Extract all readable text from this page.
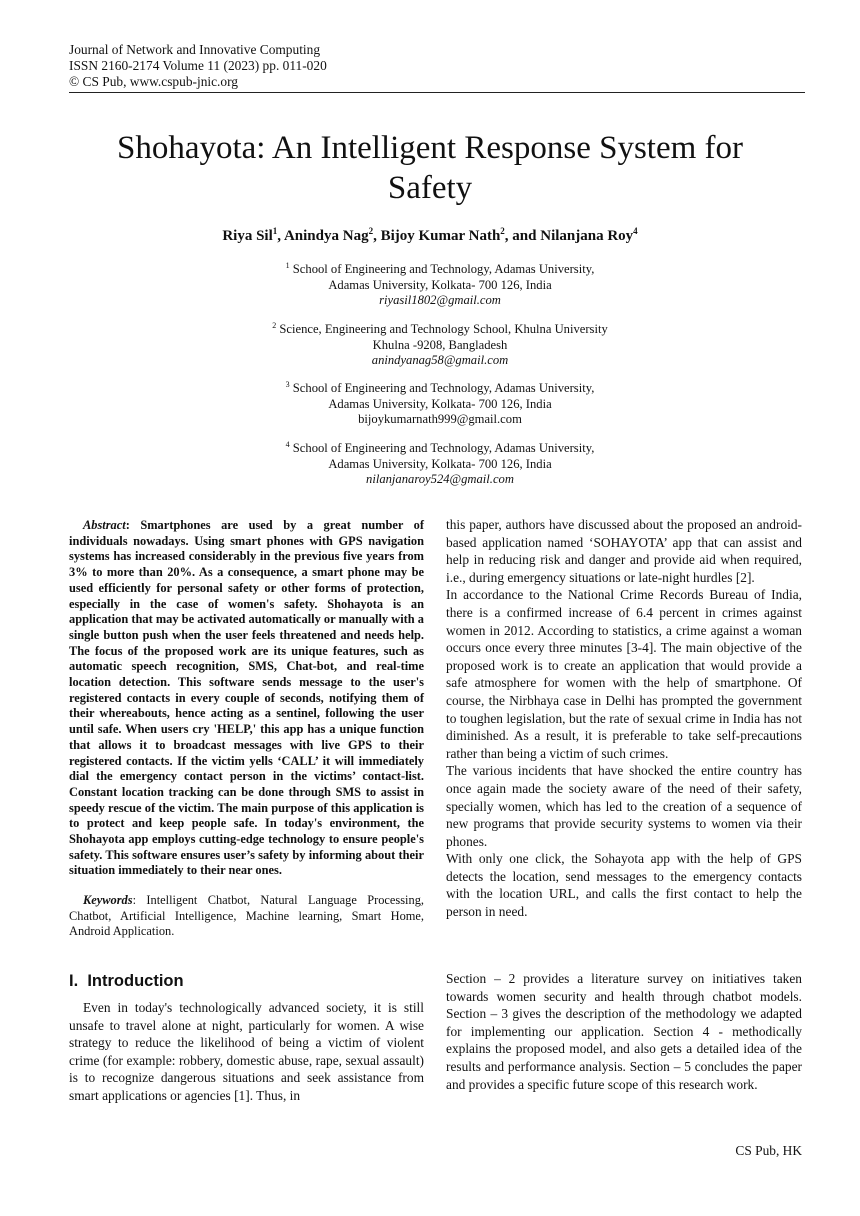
Journal of Network and Innovative Computing
ISSN 2160-2174 Volume 11 (2023) pp. 011-020
© CS Pub, www.cspub-jnic.org
Shohayota: An Intelligent Response System for Safety
Riya Sil$^1$, Anindya Nag$^2$, Bijoy Kumar Nath$^2$, and Nilanjana Roy$^4$
$^1$ School of Engineering and Technology, Adamas University,
Adamas University, Kolkata- 700 126, India
riyasil1802@gmail.com
$^2$ Science, Engineering and Technology School, Khulna University
Khulna -9208, Bangladesh
anindyanag58@gmail.com
$^3$ School of Engineering and Technology, Adamas University,
Adamas University, Kolkata- 700 126, India
bijoykumarnath999@gmail.com
$^4$ School of Engineering and Technology, Adamas University,
Adamas University, Kolkata- 700 126, India
nilanjanaroy524@gmail.com
Abstract: Smartphones are used by a great number of individuals nowadays. Using smart phones with GPS navigation systems has increased considerably in the previous five years from 3% to more than 20%. As a consequence, a smart phone may be used efficiently for personal safety or other forms of protection, especially in the case of women's safety. Shohayota is an application that may be activated automatically or manually with a single button push when the user feels threatened and needs help. The focus of the proposed work are its unique features, such as automatic speech recognition, SMS, Chat-bot, and real-time location detection. This software sends message to the user's registered contacts in every couple of seconds, notifying them of their whereabouts, hence acting as a sentinel, following the user until safe. When users cry 'HELP,' this app has a unique function that allows it to broadcast messages with live GPS to their registered contacts. If the victim yells ‘CALL’ it will immediately dial the emergency contact person in the victims’ contact-list. Constant location tracking can be done through SMS to assist in speedy rescue of the victim. The main purpose of this application is to protect and keep people safe. In today's environment, the Shohayota app employs cutting-edge technology to ensure people's safety. This software ensures user’s safety by informing about their situation immediately to their near ones.
Keywords: Intelligent Chatbot, Natural Language Processing, Chatbot, Artificial Intelligence, Machine learning, Smart Home, Android Application.
I. Introduction
Even in today's technologically advanced society, it is still unsafe to travel alone at night, particularly for women. A wise strategy to reduce the likelihood of being a victim of violent crime (for example: robbery, domestic abuse, rape, sexual assault) is to recognize dangerous situations and seek assistance from smart applications or agencies [1]. Thus, in

this paper, authors have discussed about the proposed an android-based application named ‘SOHAYOTA’ app that can assist and help in reducing risk and danger and provide aid when required, i.e., during emergency situations or late-night hurdles [2].

In accordance to the National Crime Records Bureau of India, there is a confirmed increase of 6.4 percent in crimes against women in 2012. According to statistics, a crime against a woman occurs once every three minutes [3-4]. The main objective of the proposed work is to create an application that would provide a safe atmosphere for women with the help of smartphone. Of course, the Nirbhaya case in Delhi has prompted the government to toughen legislation, but the rate of sexual crime in India has not diminished. As a result, it is preferable to take self-precautions rather than being a victim of such crimes.

The various incidents that have shocked the entire country has once again made the society aware of the need of their safety, specially women, which has led to the creation of a sequence of new programs that provide security systems to women via their phones.

With only one click, the Sohayota app with the help of GPS detects the location, send messages to the emergency contacts with the location URL, and calls the first contact to help the person in need.

Section – 2 provides a literature survey on initiatives taken towards women security and health through chatbot models. Section – 3 gives the description of the methodology we adapted for implementing our application. Section 4 - methodically explains the proposed model, and also gets a detailed idea of the results and performance analysis. Section – 5 concludes the paper and provides a specific future scope of this research work.
CS Pub, HK
